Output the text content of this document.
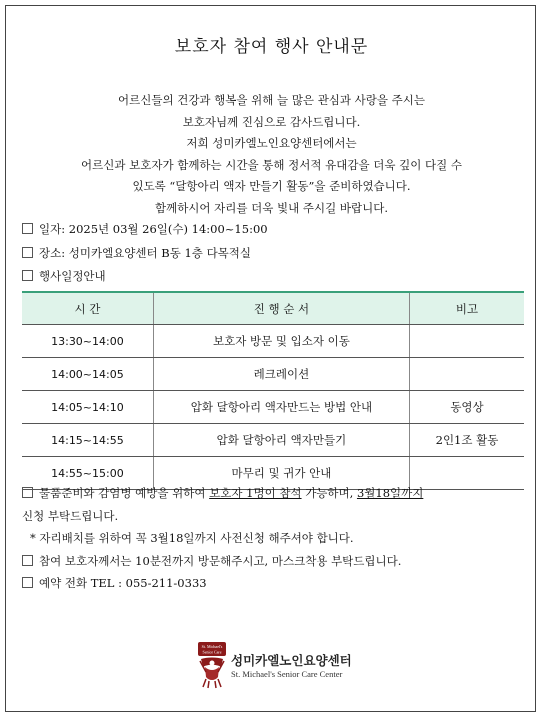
보호자 참여 행사 안내문
어르신들의 건강과 행복을 위해 늘 많은 관심과 사랑을 주시는
보호자님께 진심으로 감사드립니다.
저희 성미카엘노인요양센터에서는
어르신과 보호자가 함께하는 시간을 통해 정서적 유대감을 더욱 깊이 다질 수
있도록 “달항아리 액자 만들기 활동”을 준비하였습니다.
함께하시어 자리를 더욱 빛내 주시길 바랍니다.
일자: 2025년 03월 26일(수) 14:00~15:00
장소: 성미카엘요양센터 B동 1층 다목적실
행사일정안내
시 간	진 행 순 서	비고
13:30~14:00	보호자 방문 및 입소자 이동	
14:00~14:05	레크레이션	
14:05~14:10	압화 달항아리 액자만드는 방법 안내	동영상
14:15~14:55	압화 달항아리 액자만들기	2인1조 활동
14:55~15:00	마무리 및 귀가 안내	
물품준비와 감염병 예방을 위하여 보호자 1명이 참석 가능하며, 3월18일까지
신청 부탁드립니다.
* 자리배치를 위하여 꼭 3월18일까지 사전신청 해주셔야 합니다.
참여 보호자께서는 10분전까지 방문해주시고, 마스크착용 부탁드립니다.
예약 전화 TEL : 055-211-0333
St. Michael's
Senior Care
성미카엘노인요양센터
St. Michael's Senior Care Center
